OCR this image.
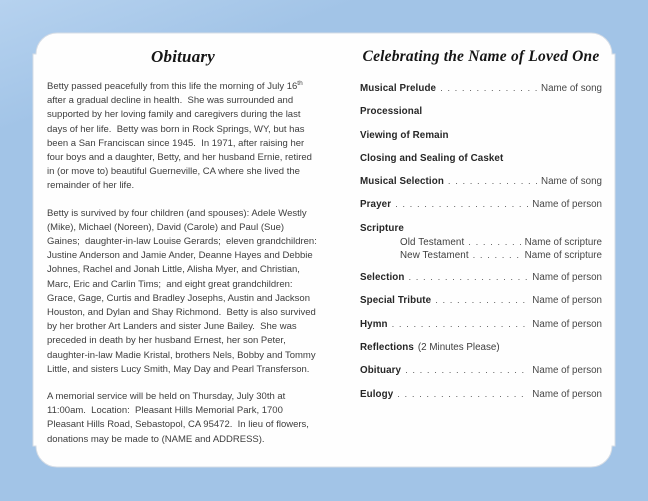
Obituary

Betty passed peacefully from this life the morning of July 16th after a gradual decline in health.  She was surrounded and supported by her loving family and caregivers during the last days of her life.  Betty was born in Rock Springs, WY, but has been a San Franciscan since 1945.  In 1971, after raising her four boys and a daughter, Betty, and her husband Ernie, retired in (or move to) beautiful Guerneville, CA where she lived the remainder of her life.

Betty is survived by four children (and spouses): Adele Westly (Mike), Michael (Noreen), David (Carole) and Paul (Sue) Gaines;  daughter-in-law Louise Gerards;  eleven grandchildren: Justine Anderson and Jamie Ander, Deanne Hayes and Debbie Johnes, Rachel and Jonah Little, Alisha Myer, and Christian, Marc, Eric and Carlin Tims;  and eight great grandchildren: Grace, Gage, Curtis and Bradley Josephs, Austin and Jackson Houston, and Dylan and Shay Richmond.  Betty is also survived by her brother Art Landers and sister June Bailey.  She was preceded in death by her husband Ernest, her son Peter, daughter-in-law Madie Kristal, brothers Nels, Bobby and Tommy Little, and sisters Lucy Smith, May Day and Pearl Transferson.

A memorial service will be held on Thursday, July 30th at 11:00am.  Location:  Pleasant Hills Memorial Park, 1700 Pleasant Hills Road, Sebastopol, CA 95472.  In lieu of flowers, donations may be made to (NAME and ADDRESS).

Celebrating the Name of Loved One
Musical Prelude . . .	Name of song
Processional
Viewing of Remain
Closing and Sealing of Casket
Musical Selection . . .	Name of song
Prayer . . .	Name of person
Scripture
Old Testament . . .	Name of scripture
New Testament . . .	Name of scripture
Selection . . .	Name of person
Special Tribute . . .	Name of person
Hymn . . .	Name of person
Reflections (2 Minutes Please)
Obituary . . .	Name of person
Eulogy . . .	Name of person
